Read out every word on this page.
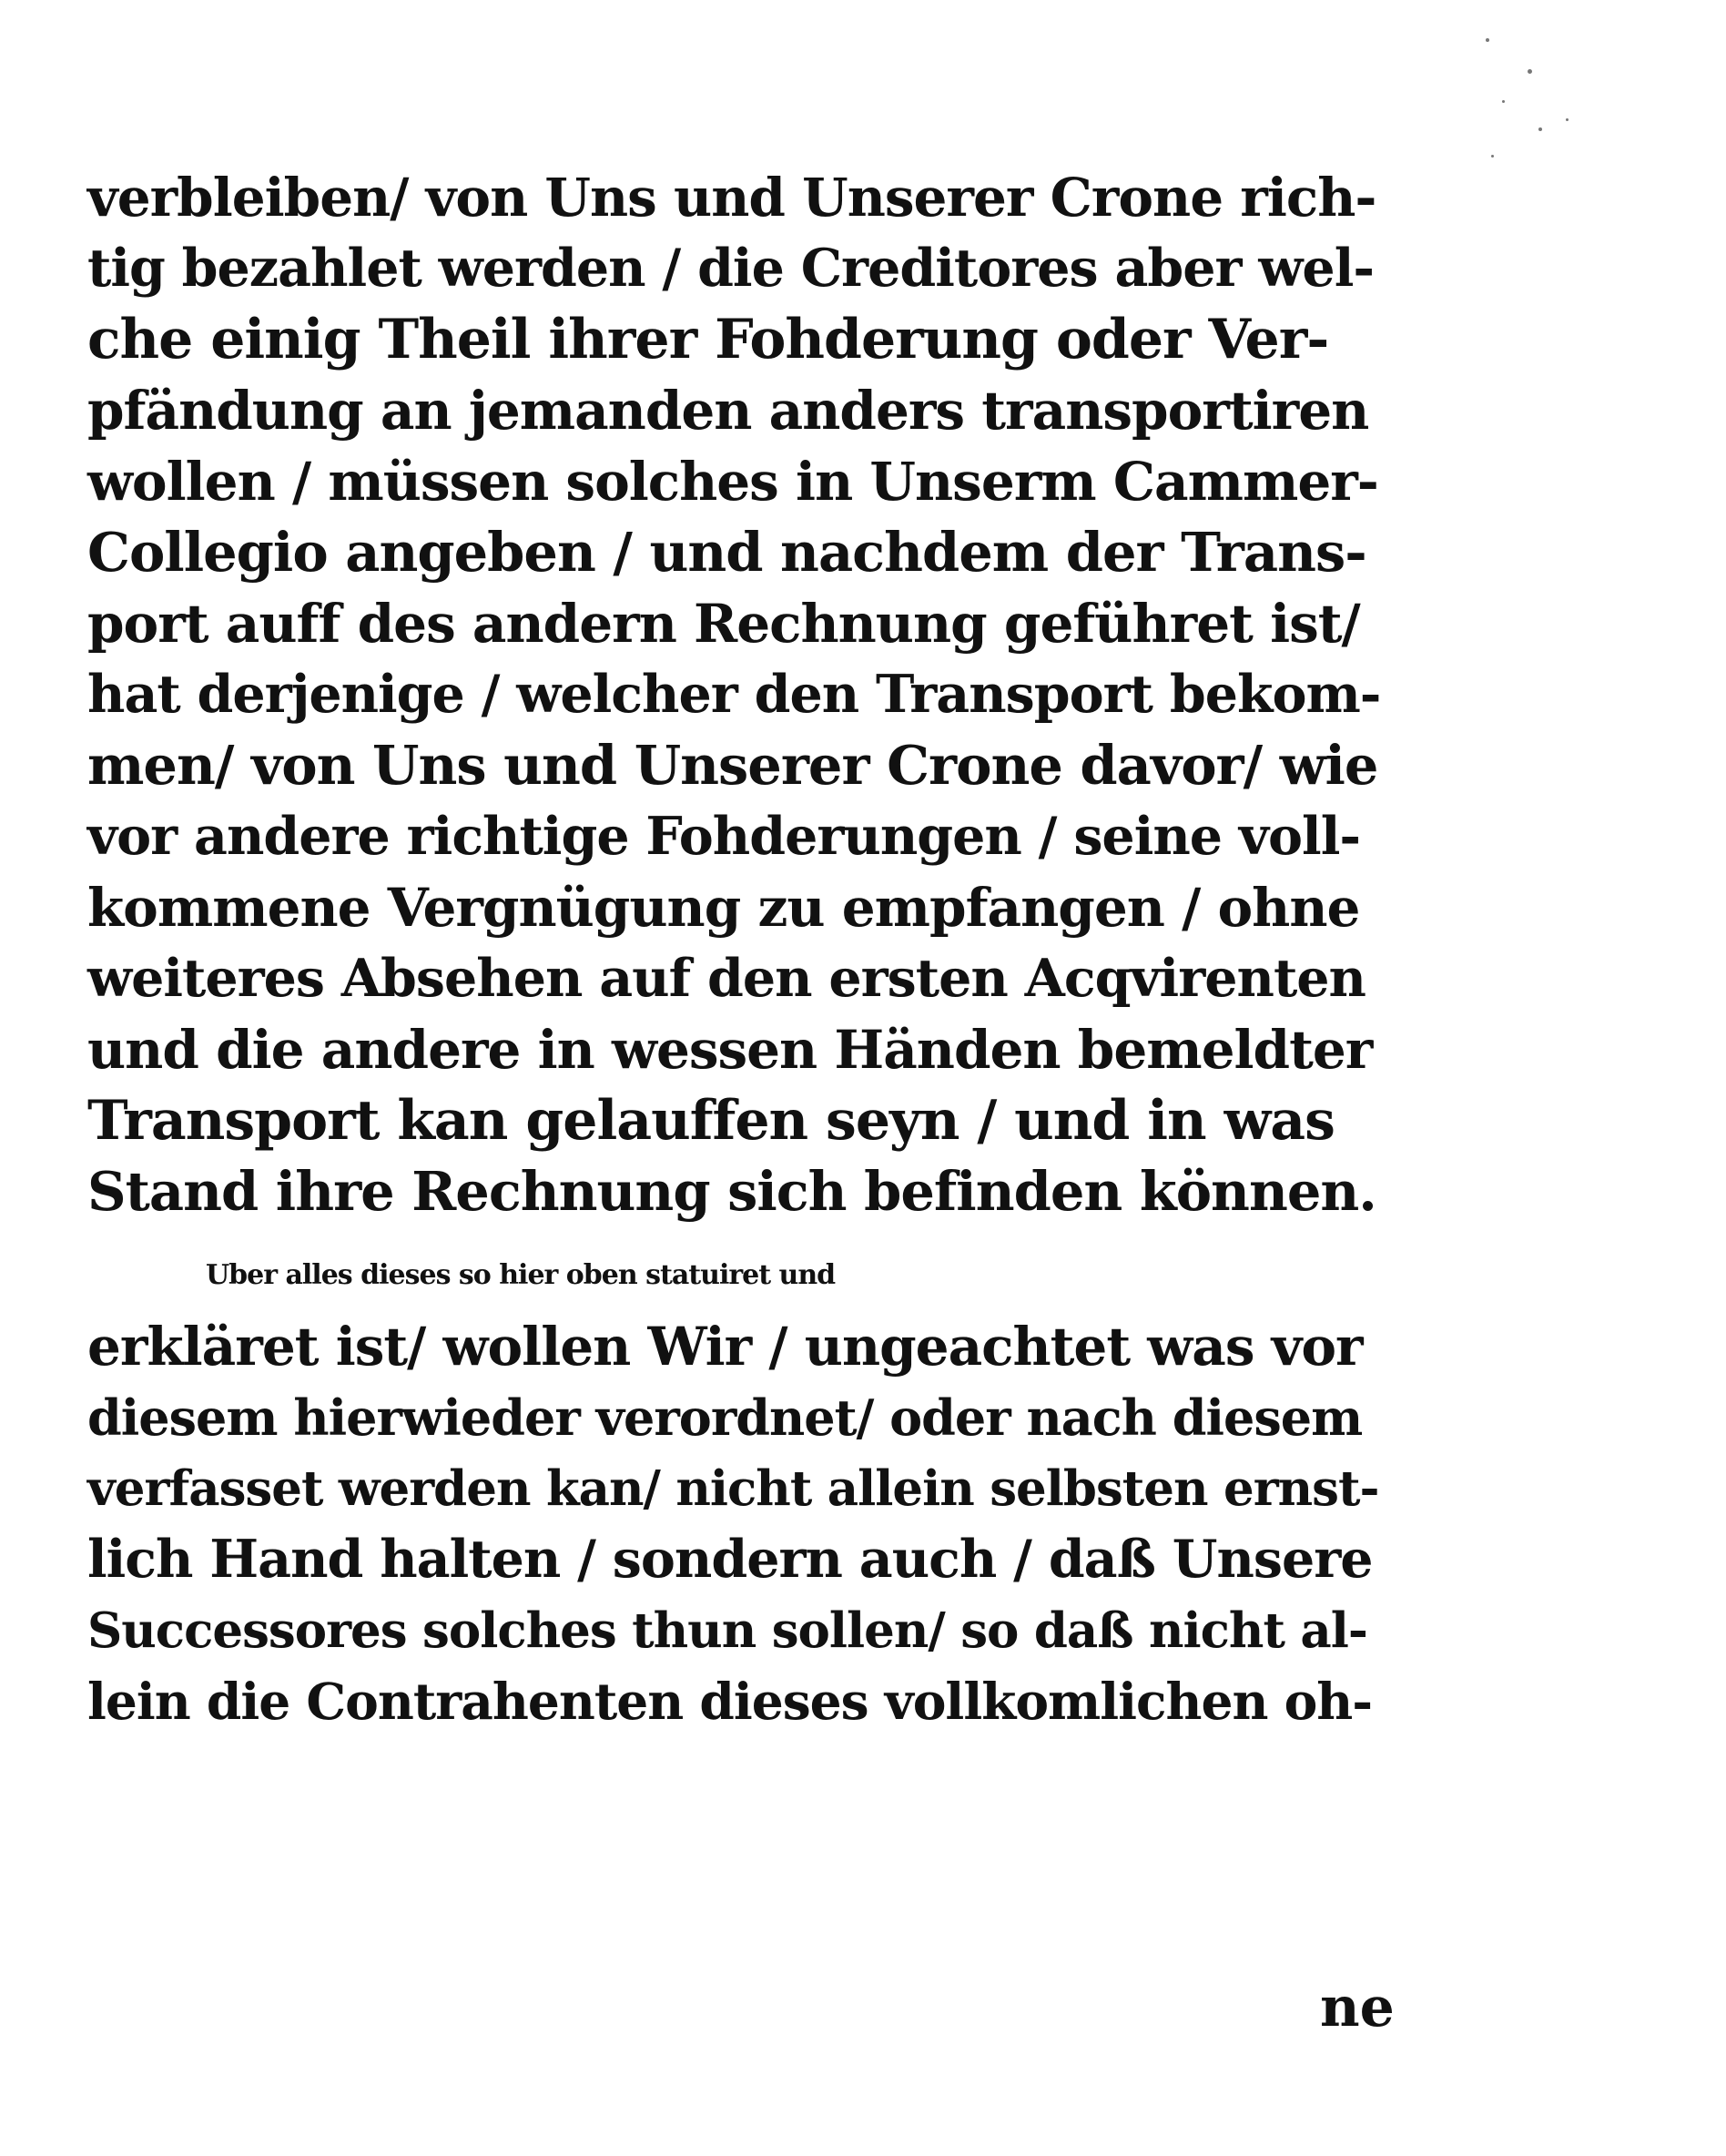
verbleiben/ von Uns und Unserer Crone rich-
tig bezahlet werden / die Creditores aber wel-
che einig Theil ihrer Fohderung oder Ver-
pfändung an jemanden anders transportiren
wollen / müssen solches in Unserm Cammer-
Collegio angeben / und nachdem der Trans-
port auff des andern Rechnung geführet ist/
hat derjenige / welcher den Transport bekom-
men/ von Uns und Unserer Crone davor/ wie
vor andere richtige Fohderungen / seine voll-
kommene Vergnügung zu empfangen / ohne
weiteres Absehen auf den ersten Acqvirenten
und die andere in wessen Händen bemeldter
Transport kan gelauffen seyn / und in was
Stand ihre Rechnung sich befinden können.
Uber alles dieses so hier oben statuiret und
erkläret ist/ wollen Wir / ungeachtet was vor
diesem hierwieder verordnet/ oder nach diesem
verfasset werden kan/ nicht allein selbsten ernst-
lich Hand halten / sondern auch / daß Unsere
Successores solches thun sollen/ so daß nicht al-
lein die Contrahenten dieses vollkomlichen oh-
ne
